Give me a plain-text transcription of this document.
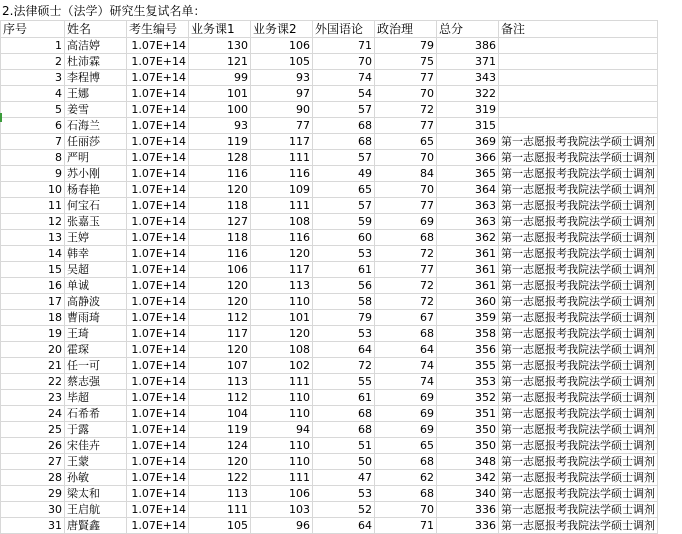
2.法律硕士（法学）研究生复试名单：
序号	姓名	考生编号	业务课1	业务课2	外国语论	政治理	总分	备注
1	高洁婷	1.07E+14	130	106	71	79	386	
2	杜沛霖	1.07E+14	121	105	70	75	371	
3	李程博	1.07E+14	99	93	74	77	343	
4	王娜	1.07E+14	101	97	54	70	322	
5	姜雪	1.07E+14	100	90	57	72	319	
6	石海兰	1.07E+14	93	77	68	77	315	
7	任丽莎	1.07E+14	119	117	68	65	369	第一志愿报考我院法学硕士调剂
8	严明	1.07E+14	128	111	57	70	366	第一志愿报考我院法学硕士调剂
9	苏小刚	1.07E+14	116	116	49	84	365	第一志愿报考我院法学硕士调剂
10	杨春艳	1.07E+14	120	109	65	70	364	第一志愿报考我院法学硕士调剂
11	何宝石	1.07E+14	118	111	57	77	363	第一志愿报考我院法学硕士调剂
12	张嘉玉	1.07E+14	127	108	59	69	363	第一志愿报考我院法学硕士调剂
13	王婷	1.07E+14	118	116	60	68	362	第一志愿报考我院法学硕士调剂
14	韩幸	1.07E+14	116	120	53	72	361	第一志愿报考我院法学硕士调剂
15	吴超	1.07E+14	106	117	61	77	361	第一志愿报考我院法学硕士调剂
16	单诚	1.07E+14	120	113	56	72	361	第一志愿报考我院法学硕士调剂
17	高静波	1.07E+14	120	110	58	72	360	第一志愿报考我院法学硕士调剂
18	曹雨琦	1.07E+14	112	101	79	67	359	第一志愿报考我院法学硕士调剂
19	王琦	1.07E+14	117	120	53	68	358	第一志愿报考我院法学硕士调剂
20	霍琛	1.07E+14	120	108	64	64	356	第一志愿报考我院法学硕士调剂
21	任一可	1.07E+14	107	102	72	74	355	第一志愿报考我院法学硕士调剂
22	蔡志强	1.07E+14	113	111	55	74	353	第一志愿报考我院法学硕士调剂
23	毕超	1.07E+14	112	110	61	69	352	第一志愿报考我院法学硕士调剂
24	石希希	1.07E+14	104	110	68	69	351	第一志愿报考我院法学硕士调剂
25	于露	1.07E+14	119	94	68	69	350	第一志愿报考我院法学硕士调剂
26	宋佳卉	1.07E+14	124	110	51	65	350	第一志愿报考我院法学硕士调剂
27	王蒙	1.07E+14	120	110	50	68	348	第一志愿报考我院法学硕士调剂
28	孙敏	1.07E+14	122	111	47	62	342	第一志愿报考我院法学硕士调剂
29	梁太和	1.07E+14	113	106	53	68	340	第一志愿报考我院法学硕士调剂
30	王启航	1.07E+14	111	103	52	70	336	第一志愿报考我院法学硕士调剂
31	唐賢鑫	1.07E+14	105	96	64	71	336	第一志愿报考我院法学硕士调剂
